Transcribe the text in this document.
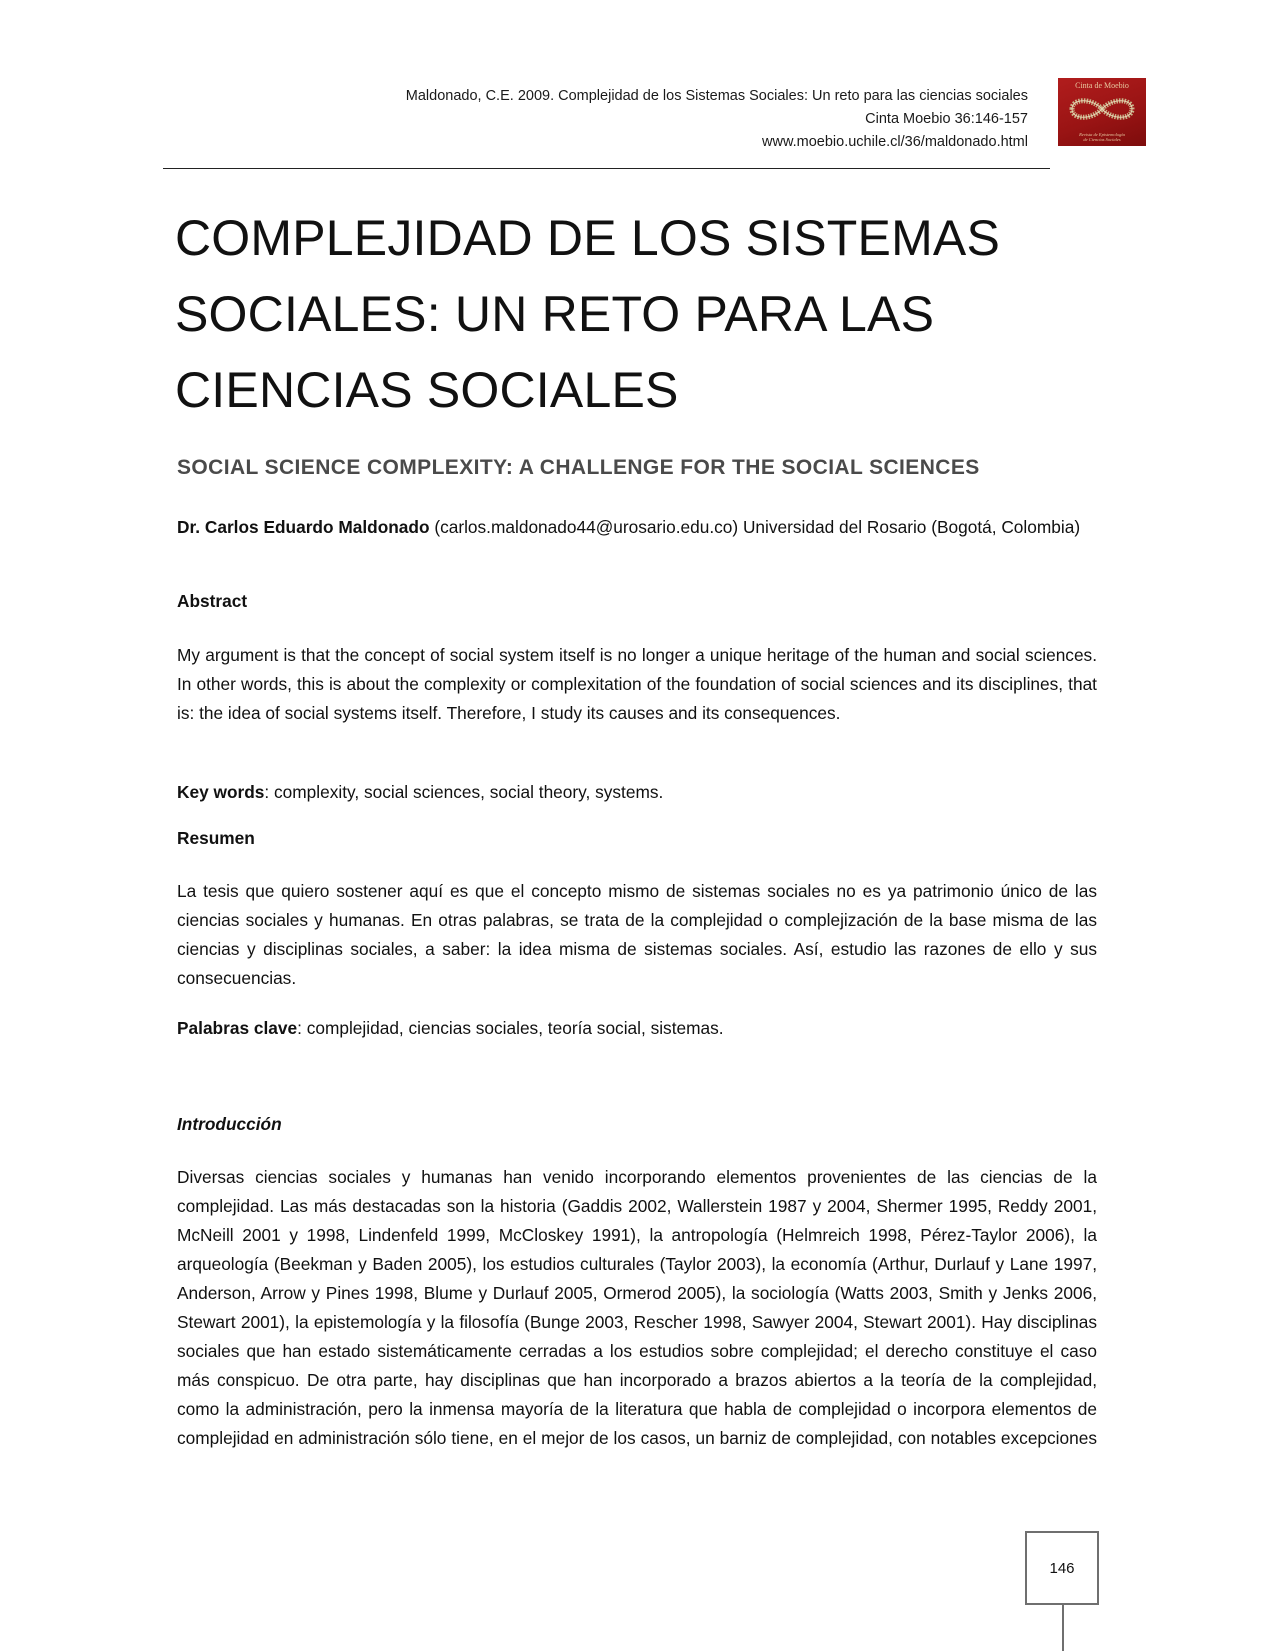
Maldonado, C.E. 2009. Complejidad de los Sistemas Sociales: Un reto para las ciencias sociales
Cinta Moebio 36:146-157
www.moebio.uchile.cl/36/maldonado.html
Cinta de Moebio
Revista de Epistemología
de Ciencias Sociales
COMPLEJIDAD DE LOS SISTEMAS SOCIALES: UN RETO PARA LAS CIENCIAS SOCIALES
SOCIAL SCIENCE COMPLEXITY: A CHALLENGE FOR THE SOCIAL SCIENCES

Dr. Carlos Eduardo Maldonado (carlos.maldonado44@urosario.edu.co) Universidad del Rosario (Bogotá, Colombia)

Abstract

My argument is that the concept of social system itself is no longer a unique heritage of the human and social sciences. In other words, this is about the complexity or complexitation of the foundation of social sciences and its disciplines, that is: the idea of social systems itself. Therefore, I study its causes and its consequences.

Key words: complexity, social sciences, social theory, systems.

Resumen

La tesis que quiero sostener aquí es que el concepto mismo de sistemas sociales no es ya patrimonio único de las ciencias sociales y humanas. En otras palabras, se trata de la complejidad o complejización de la base misma de las ciencias y disciplinas sociales, a saber: la idea misma de sistemas sociales. Así, estudio las razones de ello y sus consecuencias.

Palabras clave: complejidad, ciencias sociales, teoría social, sistemas.

Introducción

Diversas ciencias sociales y humanas han venido incorporando elementos provenientes de las ciencias de la complejidad. Las más destacadas son la historia (Gaddis 2002, Wallerstein 1987 y 2004, Shermer 1995, Reddy 2001, McNeill 2001 y 1998, Lindenfeld 1999, McCloskey 1991), la antropología (Helmreich 1998, Pérez-Taylor 2006), la arqueología (Beekman y Baden 2005), los estudios culturales (Taylor 2003), la economía (Arthur, Durlauf y Lane 1997, Anderson, Arrow y Pines 1998, Blume y Durlauf 2005, Ormerod 2005), la sociología (Watts 2003, Smith y Jenks 2006, Stewart 2001), la epistemología y la filosofía (Bunge 2003, Rescher 1998, Sawyer 2004, Stewart 2001). Hay disciplinas sociales que han estado sistemáticamente cerradas a los estudios sobre complejidad; el derecho constituye el caso más conspicuo. De otra parte, hay disciplinas que han incorporado a brazos abiertos a la teoría de la complejidad, como la administración, pero la inmensa mayoría de la literatura que habla de complejidad o incorpora elementos de complejidad en administración sólo tiene, en el mejor de los casos, un barniz de complejidad, con notables excepciones

146
